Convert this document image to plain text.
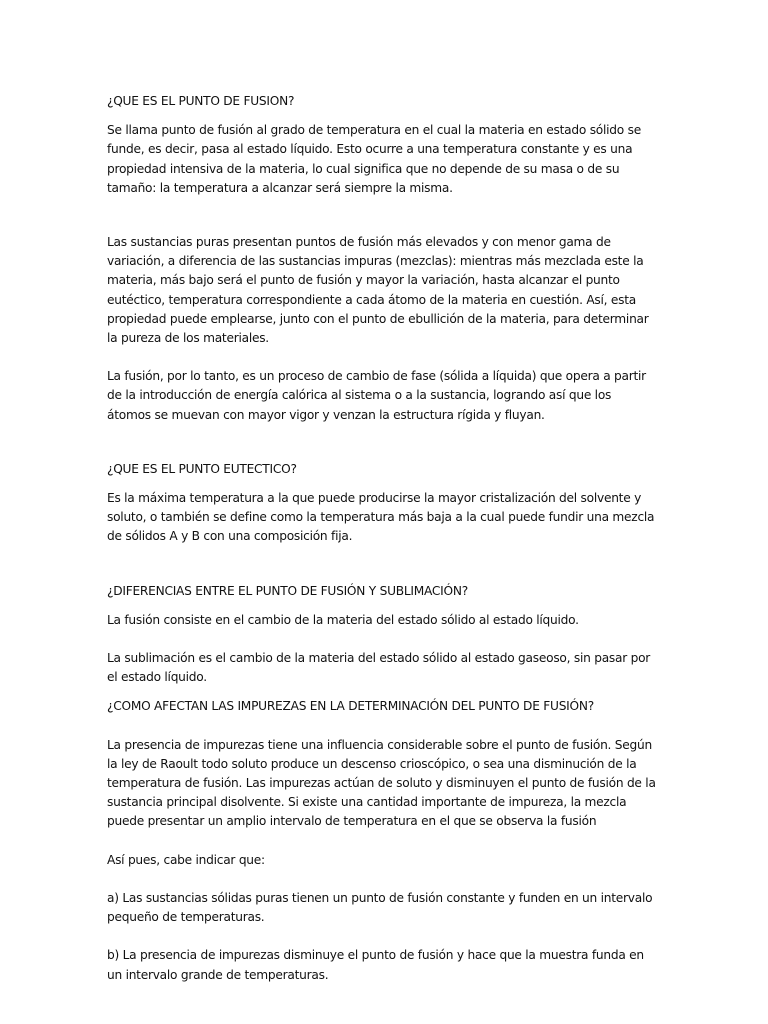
¿QUE ES EL PUNTO DE FUSION?

Se llama punto de fusión al grado de temperatura en el cual la materia en estado sólido se funde, es decir, pasa al estado líquido. Esto ocurre a una temperatura constante y es una propiedad intensiva de la materia, lo cual significa que no depende de su masa o de su tamaño: la temperatura a alcanzar será siempre la misma.

Las sustancias puras presentan puntos de fusión más elevados y con menor gama de variación, a diferencia de las sustancias impuras (mezclas): mientras más mezclada este la materia, más bajo será el punto de fusión y mayor la variación, hasta alcanzar el punto eutéctico, temperatura correspondiente a cada átomo de la materia en cuestión. Así, esta propiedad puede emplearse, junto con el punto de ebullición de la materia, para determinar la pureza de los materiales.

La fusión, por lo tanto, es un proceso de cambio de fase (sólida a líquida) que opera a partir de la introducción de energía calórica al sistema o a la sustancia, logrando así que los átomos se muevan con mayor vigor y venzan la estructura rígida y fluyan.

¿QUE ES EL PUNTO EUTECTICO?

Es la máxima temperatura a la que puede producirse la mayor cristalización del solvente y soluto, o también se define como la temperatura más baja a la cual puede fundir una mezcla de sólidos A y B con una composición fija.

¿DIFERENCIAS ENTRE EL PUNTO DE FUSIÓN Y SUBLIMACIÓN?

La fusión consiste en el cambio de la materia del estado sólido al estado líquido.

La sublimación es el cambio de la materia del estado sólido al estado gaseoso, sin pasar por el estado líquido.

¿COMO AFECTAN LAS IMPUREZAS EN LA DETERMINACIÓN DEL PUNTO DE FUSIÓN?

La presencia de impurezas tiene una influencia considerable sobre el punto de fusión. Según la ley de Raoult todo soluto produce un descenso crioscópico, o sea una disminución de la temperatura de fusión. Las impurezas actúan de soluto y disminuyen el punto de fusión de la sustancia principal disolvente. Si existe una cantidad importante de impureza, la mezcla puede presentar un amplio intervalo de temperatura en el que se observa la fusión

Así pues, cabe indicar que:

a) Las sustancias sólidas puras tienen un punto de fusión constante y funden en un intervalo pequeño de temperaturas.

b) La presencia de impurezas disminuye el punto de fusión y hace que la muestra funda en un intervalo grande de temperaturas.
